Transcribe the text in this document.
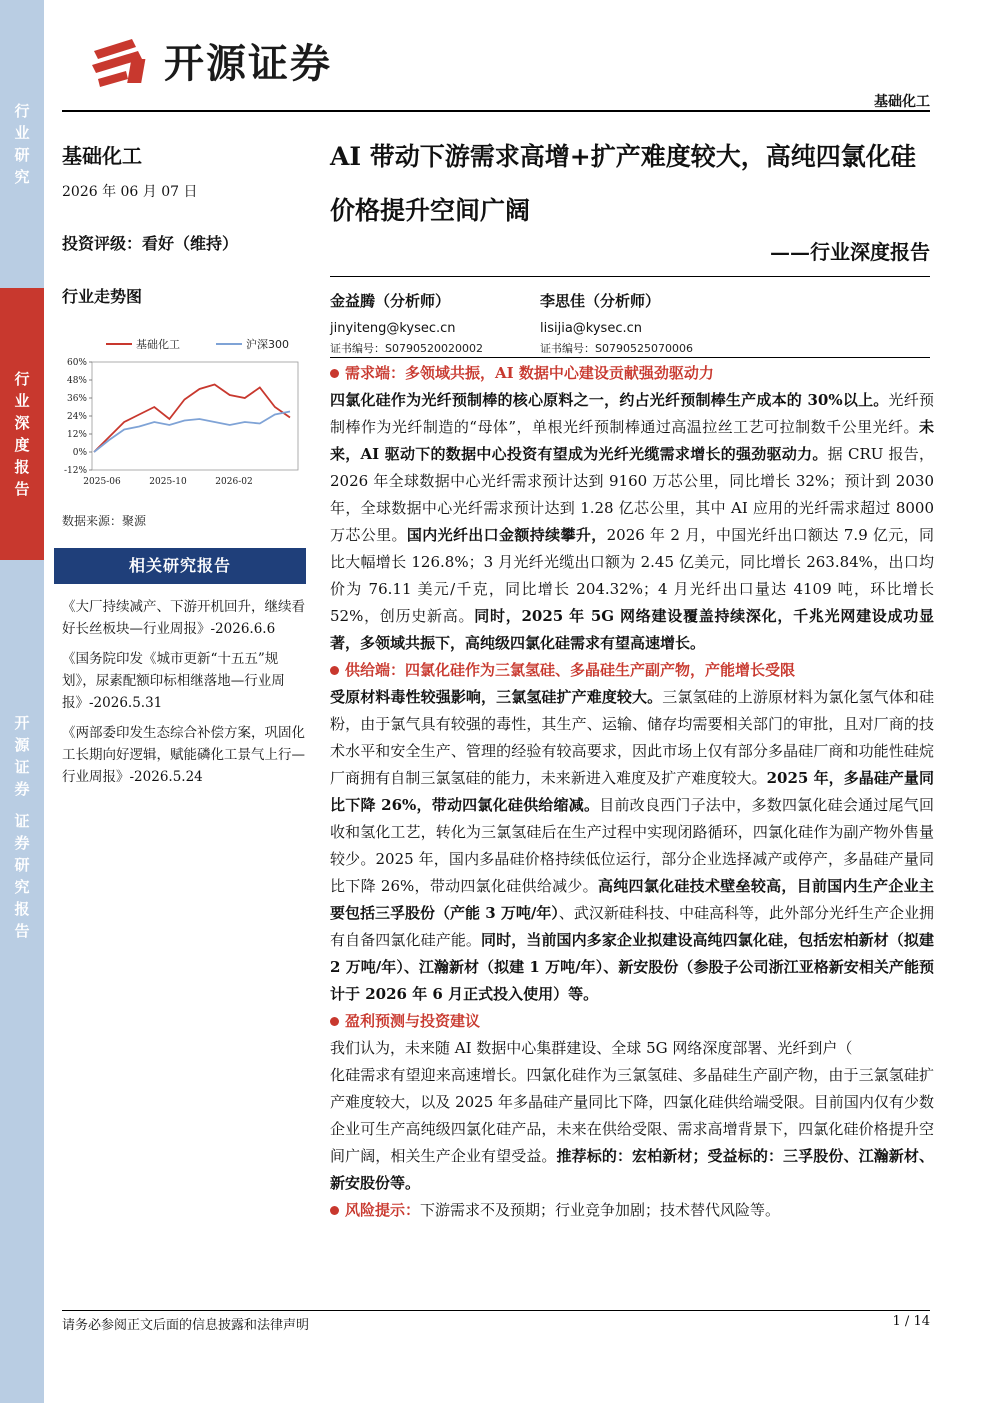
行业研究
行业深度报告
开源证券
证券研究报告
开源证券
基础化工
基础化工
2026 年 06 月 07 日
投资评级：看好（维持）
行业走势图
60%
48%
36%
24%
12%
0%
-12%
2025-06	2025-10	2026-02
基础化工	沪深300
数据来源：聚源
相关研究报告
《大厂持续减产、下游开机回升，继续看好长丝板块—行业周报》-2026.6.6
《国务院印发《城市更新“十五五”规划》，尿素配额印标相继落地—行业周报》-2026.5.31
《两部委印发生态综合补偿方案，巩固化工长期向好逻辑，赋能磷化工景气上行—行业周报》-2026.5.24
AI 带动下游需求高增+扩产难度较大，高纯四氯化硅价格提升空间广阔
——行业深度报告
金益腾（分析师）
jinyiteng@kysec.cn
证书编号：S0790520020002
李思佳（分析师）
lisijia@kysec.cn
证书编号：S0790525070006

需求端：多领域共振，AI 数据中心建设贡献强劲驱动力

四氯化硅作为光纤预制棒的核心原料之一，约占光纤预制棒生产成本的 30%以上。光纤预制棒作为光纤制造的“母体”，单根光纤预制棒通过高温拉丝工艺可拉制数千公里光纤。未来，AI 驱动下的数据中心投资有望成为光纤光缆需求增长的强劲驱动力。据 CRU 报告，2026 年全球数据中心光纤需求预计达到 9160 万芯公里，同比增长 32%；预计到 2030 年，全球数据中心光纤需求预计达到 1.28 亿芯公里，其中 AI 应用的光纤需求超过 8000 万芯公里。国内光纤出口金额持续攀升，2026 年 2 月，中国光纤出口额达 7.9 亿元，同比大幅增长 126.8%；3 月光纤光缆出口额为 2.45 亿美元，同比增长 263.84%，出口均价为 76.11 美元/千克，同比增长 204.32%；4 月光纤出口量达 4109 吨，环比增长 52%，创历史新高。同时，2025 年 5G 网络建设覆盖持续深化，千兆光网建设成功显著，多领域共振下，高纯级四氯化硅需求有望高速增长。

供给端：四氯化硅作为三氯氢硅、多晶硅生产副产物，产能增长受限

受原材料毒性较强影响，三氯氢硅扩产难度较大。三氯氢硅的上游原材料为氯化氢气体和硅粉，由于氯气具有较强的毒性，其生产、运输、储存均需要相关部门的审批，且对厂商的技术水平和安全生产、管理的经验有较高要求，因此市场上仅有部分多晶硅厂商和功能性硅烷厂商拥有自制三氯氢硅的能力，未来新进入难度及扩产难度较大。2025 年，多晶硅产量同比下降 26%，带动四氯化硅供给缩减。目前改良西门子法中，多数四氯化硅会通过尾气回收和氢化工艺，转化为三氯氢硅后在生产过程中实现闭路循环，四氯化硅作为副产物外售量较少。2025 年，国内多晶硅价格持续低位运行，部分企业选择减产或停产，多晶硅产量同比下降 26%，带动四氯化硅供给减少。高纯四氯化硅技术壁垒较高，目前国内生产企业主要包括三孚股份（产能 3 万吨/年）、武汉新硅科技、中硅高科等，此外部分光纤生产企业拥有自备四氯化硅产能。同时，当前国内多家企业拟建设高纯四氯化硅，包括宏柏新材（拟建 2 万吨/年）、江瀚新材（拟建 1 万吨/年）、新安股份（参股子公司浙江亚格新安相关产能预计于 2026 年 6 月正式投入使用）等。

盈利预测与投资建议

我们认为，未来随 AI 数据中心集群建设、全球 5G 网络深度部署、光纤到户（

化硅需求有望迎来高速增长。四氯化硅作为三氯氢硅、多晶硅生产副产物，由于三氯氢硅扩产难度较大，以及 2025 年多晶硅产量同比下降，四氯化硅供给端受限。目前国内仅有少数企业可生产高纯级四氯化硅产品，未来在供给受限、需求高增背景下，四氯化硅价格提升空间广阔，相关生产企业有望受益。推荐标的：宏柏新材；受益标的：三孚股份、江瀚新材、新安股份等。

风险提示： 下游需求不及预期；行业竞争加剧；技术替代风险等。

请务必参阅正文后面的信息披露和法律声明	1 / 14
